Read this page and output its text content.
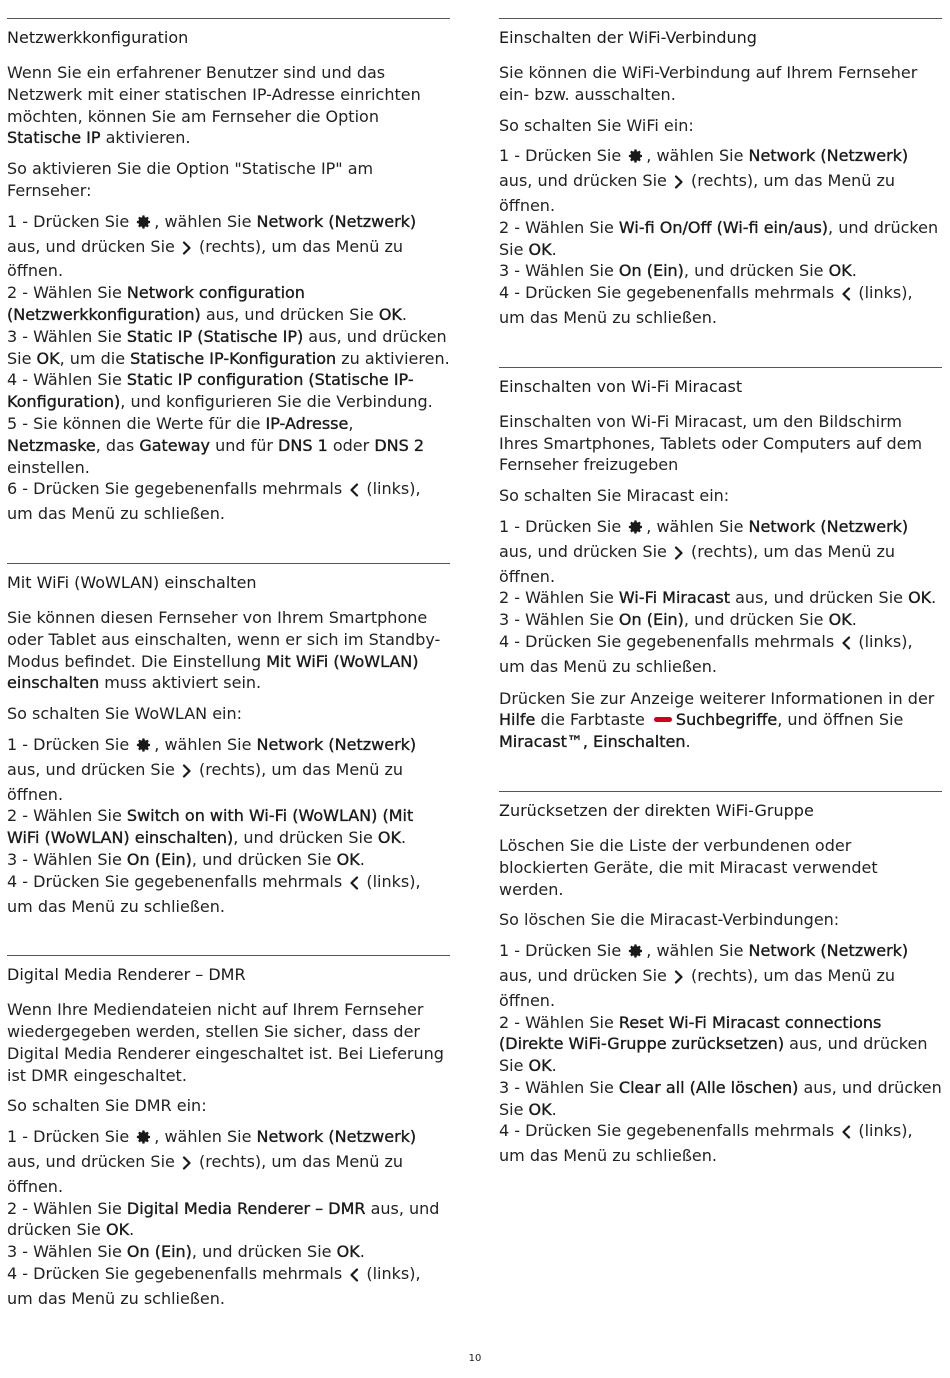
Netzwerkkonfiguration

Wenn Sie ein erfahrener Benutzer sind und das Netzwerk mit einer statischen IP-Adresse einrichten möchten, können Sie am Fernseher die Option Statische IP aktivieren.

So aktivieren Sie die Option "Statische IP" am Fernseher:

1 - Drücken Sie , wählen Sie Network (Netzwerk) aus, und drücken Sie  (rechts), um das Menü zu öffnen.
2 - Wählen Sie Network configuration (Netzwerkkonfiguration) aus, und drücken Sie OK.
3 - Wählen Sie Static IP (Statische IP) aus, und drücken Sie OK, um die Statische IP-Konfiguration zu aktivieren.
4 - Wählen Sie Static IP configuration (Statische IP-Konfiguration), und konfigurieren Sie die Verbindung.
5 - Sie können die Werte für die IP-Adresse, Netzmaske, das Gateway und für DNS 1 oder DNS 2 einstellen.
6 - Drücken Sie gegebenenfalls mehrmals  (links), um das Menü zu schließen.
Mit WiFi (WoWLAN) einschalten

Sie können diesen Fernseher von Ihrem Smartphone oder Tablet aus einschalten, wenn er sich im Standby-Modus befindet. Die Einstellung Mit WiFi (WoWLAN) einschalten muss aktiviert sein.

So schalten Sie WoWLAN ein:

1 - Drücken Sie , wählen Sie Network (Netzwerk) aus, und drücken Sie  (rechts), um das Menü zu öffnen.
2 - Wählen Sie Switch on with Wi-Fi (WoWLAN) (Mit WiFi (WoWLAN) einschalten), und drücken Sie OK.
3 - Wählen Sie On (Ein), und drücken Sie OK.
4 - Drücken Sie gegebenenfalls mehrmals  (links), um das Menü zu schließen.
Digital Media Renderer – DMR

Wenn Ihre Mediendateien nicht auf Ihrem Fernseher wiedergegeben werden, stellen Sie sicher, dass der Digital Media Renderer eingeschaltet ist. Bei Lieferung ist DMR eingeschaltet.

So schalten Sie DMR ein:

1 - Drücken Sie , wählen Sie Network (Netzwerk) aus, und drücken Sie  (rechts), um das Menü zu öffnen.
2 - Wählen Sie Digital Media Renderer – DMR aus, und drücken Sie OK.
3 - Wählen Sie On (Ein), und drücken Sie OK.
4 - Drücken Sie gegebenenfalls mehrmals  (links), um das Menü zu schließen.
Einschalten der WiFi-Verbindung

Sie können die WiFi-Verbindung auf Ihrem Fernseher ein- bzw. ausschalten.

So schalten Sie WiFi ein:

1 - Drücken Sie , wählen Sie Network (Netzwerk) aus, und drücken Sie  (rechts), um das Menü zu öffnen.
2 - Wählen Sie Wi-fi On/Off (Wi-fi ein/aus), und drücken Sie OK.
3 - Wählen Sie On (Ein), und drücken Sie OK.
4 - Drücken Sie gegebenenfalls mehrmals  (links), um das Menü zu schließen.
Einschalten von Wi-Fi Miracast

Einschalten von Wi-Fi Miracast, um den Bildschirm Ihres Smartphones, Tablets oder Computers auf dem Fernseher freizugeben

So schalten Sie Miracast ein:

1 - Drücken Sie , wählen Sie Network (Netzwerk) aus, und drücken Sie  (rechts), um das Menü zu öffnen.
2 - Wählen Sie Wi-Fi Miracast aus, und drücken Sie OK.
3 - Wählen Sie On (Ein), und drücken Sie OK.
4 - Drücken Sie gegebenenfalls mehrmals  (links), um das Menü zu schließen.

Drücken Sie zur Anzeige weiterer Informationen in der Hilfe die Farbtaste Suchbegriffe, und öffnen Sie Miracast™, Einschalten.

Zurücksetzen der direkten WiFi-Gruppe

Löschen Sie die Liste der verbundenen oder blockierten Geräte, die mit Miracast verwendet werden.

So löschen Sie die Miracast-Verbindungen:

1 - Drücken Sie , wählen Sie Network (Netzwerk) aus, und drücken Sie  (rechts), um das Menü zu öffnen.
2 - Wählen Sie Reset Wi-Fi Miracast connections (Direkte WiFi-Gruppe zurücksetzen) aus, und drücken Sie OK.
3 - Wählen Sie Clear all (Alle löschen) aus, und drücken Sie OK.
4 - Drücken Sie gegebenenfalls mehrmals  (links), um das Menü zu schließen.
10
